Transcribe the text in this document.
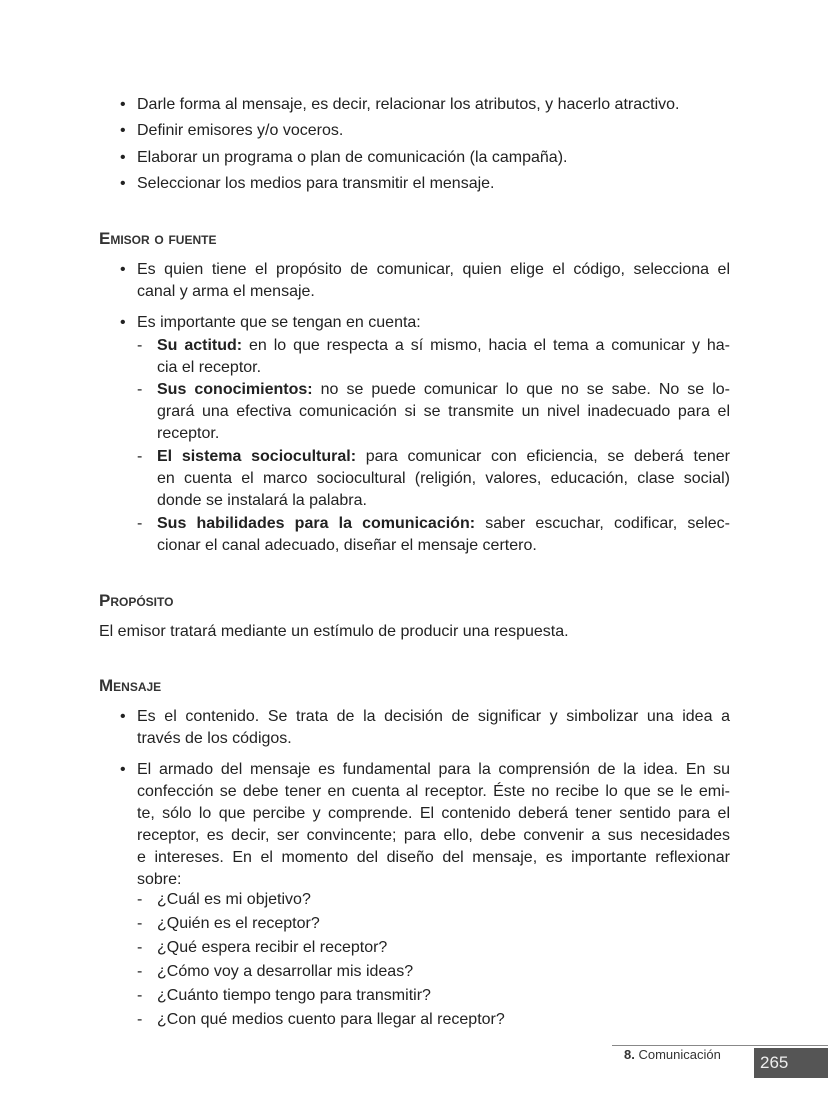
• Darle forma al mensaje, es decir, relacionar los atributos, y hacerlo atractivo.
• Definir emisores y/o voceros.
• Elaborar un programa o plan de comunicación (la campaña).
• Seleccionar los medios para transmitir el mensaje.
Emisor o fuente
• Es quien tiene el propósito de comunicar, quien elige el código, selecciona el
canal y arma el mensaje.
• Es importante que se tengan en cuenta:
- Su actitud: en lo que respecta a sí mismo, hacia el tema a comunicar y ha-
cia el receptor.
- Sus conocimientos: no se puede comunicar lo que no se sabe. No se lo-
grará una efectiva comunicación si se transmite un nivel inadecuado para el
receptor.
- El sistema sociocultural: para comunicar con eficiencia, se deberá tener
en cuenta el marco sociocultural (religión, valores, educación, clase social)
donde se instalará la palabra.
- Sus habilidades para la comunicación: saber escuchar, codificar, selec-
cionar el canal adecuado, diseñar el mensaje certero.
Propósito
El emisor tratará mediante un estímulo de producir una respuesta.
Mensaje
• Es el contenido. Se trata de la decisión de significar y simbolizar una idea a
través de los códigos.
• El armado del mensaje es fundamental para la comprensión de la idea. En su
confección se debe tener en cuenta al receptor. Éste no recibe lo que se le emi-
te, sólo lo que percibe y comprende. El contenido deberá tener sentido para el
receptor, es decir, ser convincente; para ello, debe convenir a sus necesidades
e intereses. En el momento del diseño del mensaje, es importante reflexionar
sobre:
- ¿Cuál es mi objetivo?
- ¿Quién es el receptor?
- ¿Qué espera recibir el receptor?
- ¿Cómo voy a desarrollar mis ideas?
- ¿Cuánto tiempo tengo para transmitir?
- ¿Con qué medios cuento para llegar al receptor?
8. Comunicación	265
